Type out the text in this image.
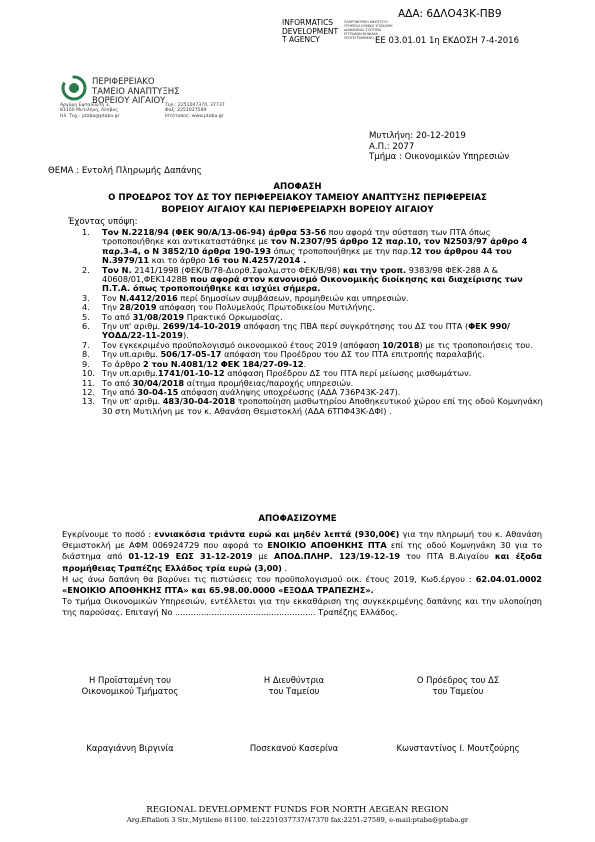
ΑΔΑ: 6ΔΛΟ43Κ-ΠΒ9
INFORMATICS
DEVELOPMENT
T AGENCY
ΠΛΗΡΟΦΟΡΙΚΗ ΑΝΑΠΤΥΞΗ ΥΠΗΡΕΣΙΑ ΕΘΝΙΚΗ ΥΠΟΔΟΜΗ ΔΙΑΦΑΝΕΙΑΣ ΣΥΣΤΗΜΑ ΕΓΓΡΑΦΩΝ ΨΗΦΙΑΚΑ ΥΠΟΓΕΓΡΑΜΜΕΝΟ ΕΕ 03.01.01 1η ΕΚΔΟΣΗ 7-4-2016
ΠΕΡΙΦΕΡΕΙΑΚΟ
ΤΑΜΕΙΟ ΑΝΑΠΤΥΞΗΣ
ΒΟΡΕΙΟΥ ΑΙΓΑΙΟΥ
Αργύρη Εφταλιώτη 3,
81100 Μυτιλήνη, Λέσβος
Ηλ. Ταχ.: ptaba@ptaba.gr
Τηλ.: 2251047370, 37737
Φαξ: 2251027589
Ιστότοπος: www.ptaba.gr
Μυτιλήνη: 20-12-2019
Α.Π.: 2077
Τμήμα : Οικονομικών Υπηρεσιών
ΘΕΜΑ : Εντολή Πληρωμής Δαπάνης
ΑΠΟΦΑΣΗ
Ο ΠΡΟΕΔΡΟΣ ΤΟΥ ΔΣ ΤΟΥ ΠΕΡΙΦΕΡΕΙΑΚΟΥ ΤΑΜΕΙΟΥ ΑΝΑΠΤΥΞΗΣ ΠΕΡΙΦΕΡΕΙΑΣ
ΒΟΡΕΙΟΥ ΑΙΓΑΙΟΥ ΚΑΙ ΠΕΡΙΦΕΡΕΙΑΡΧΗ ΒΟΡΕΙΟΥ ΑΙΓΑΙΟΥ
Έχοντας υπόψη:
1. Τον Ν.2218/94 (ΦΕΚ 90/Α/13-06-94) άρθρα 53-56 που αφορά την σύσταση των ΠΤΑ όπως τροποποιήθηκε και αντικαταστάθηκε με τον Ν.2307/95 άρθρο 12 παρ.10, τον Ν2503/97 άρθρο 4 παρ.3-4, ο Ν 3852/10 άρθρα 190-193 όπως τροποποιήθηκε με την παρ.12 του άρθρου 44 του Ν.3979/11 και το άρθρο 16 του Ν.4257/2014 .
2. Τον Ν. 2141/1998 (ΦΕΚ/Β/78-Διορθ.Σφαλμ.στο ΦΕΚ/Β/98) και την τροπ. 9383/98 ΦΕΚ-288 Α & 40608/01,ΦΕΚ1428Β που αφορά στον κανονισμό Οικονομικής διοίκησης και διαχείρισης των Π.Τ.Α. όπως τροποποιήθηκε και ισχύει σήμερα.
3. Τον Ν.4412/2016 περί δημοσίων συμβάσεων, προμηθειών και υπηρεσιών.
4. Την 28/2019 απόφαση του Πολυμελούς Πρωτοδικείου Μυτιλήνης.
5. Το από 31/08/2019 Πρακτικό Ορκωμοσίας.
6. Την υπ' αριθμ. 2699/14-10-2019 απόφαση της ΠΒΑ περί συγκρότησης του ΔΣ του ΠΤΑ (ΦΕΚ 990/ΥΟΔΔ/22-11-2019).
7. Τον εγκεκριμένο προϋπολογισμό οικονομικού έτους 2019 (απόφαση 10/2018) με τις τροποποιήσεις του.
8. Την υπ.αριθμ. 506/17-05-17 απόφαση του Προέδρου του ΔΣ του ΠΤΑ επιτροπής παραλαβής.
9. Το άρθρο 2 του Ν.4081/12 ΦΕΚ 184/27-09-12.
10. Την υπ.αριθμ.1741/01-10-12 απόφαση Προέδρου ΔΣ του ΠΤΑ περί μείωσης μισθωμάτων.
11. Το από 30/04/2018 αίτημα προμήθειας/παροχής υπηρεσιών.
12. Την από 30-04-15 απόφαση ανάληψης υποχρέωσης (ΑΔΑ 736Ρ43Κ-247).
13. Την υπ' αριθμ. 483/30-04-2018 τροποποίηση μισθωτηρίου Αποθηκευτικού χώρου επί της οδού Κομνηνάκη 30 στη Μυτιλήνη με τον κ. Αθανάση Θεμιστοκλή (ΑΔΑ 6ΤΠΦ43Κ-ΔΦΙ) .
ΑΠΟΦΑΣΙΖΟΥΜΕ
Εγκρίνουμε το ποσό : εννιακόσια τριάντα ευρώ και μηδέν λεπτά (930,00€) για την πληρωμή του κ. Αθανάση Θεμιστοκλή με ΑΦΜ 006924729 που αφορά το ΕΝΟΙΚΙΟ ΑΠΟΘΗΚΗΣ ΠΤΑ επί της οδού Κομνηνάκη 30 για το διάστημα από 01-12-19 ΕΩΣ 31-12-2019 με ΑΠΟΔ.ΠΛΗΡ. 123/19-12-19 του ΠΤΑ Β.Αιγαίου και έξοδα προμήθειας Τραπέζης Ελλάδος τρία ευρώ (3,00) .
Η ως άνω δαπάνη θα βαρύνει τις πιστώσεις του προϋπολογισμού οικ. έτους 2019, Κωδ.έργου : 62.04.01.0002 «ΕΝΟΙΚΙΟ ΑΠΟΘΗΚΗΣ ΠΤΑ» και 65.98.00.0000 «ΕΞΟΔΑ ΤΡΑΠΕΖΗΣ».
Το τμήμα Οικονομικών Υπηρεσιών, εντέλλεται για την εκκαθάριση της συγκεκριμένης δαπάνης και την υλοποίηση της παρούσας. Επιταγή Νο ...................................................... Τραπέζης Ελλάδος.
Η Προϊσταμένη του
Οικονομικού Τμήματος
Η Διευθύντρια
του Ταμείου
Ο Πρόεδρος του ΔΣ
του Ταμείου
Καραγιάννη Βιργινία	Ποσεκανού Κασερίνα	Κωνσταντίνος Ι. Μουτζούρης
REGIONAL DEVELOPMENT FUNDS FOR NORTH AEGEAN REGION
Arg.Eftalioti 3 Str.,Mytilene 81100. tel:2251037737/47370 fax:2251-27589, e-mail:ptaba@ptaba.gr
